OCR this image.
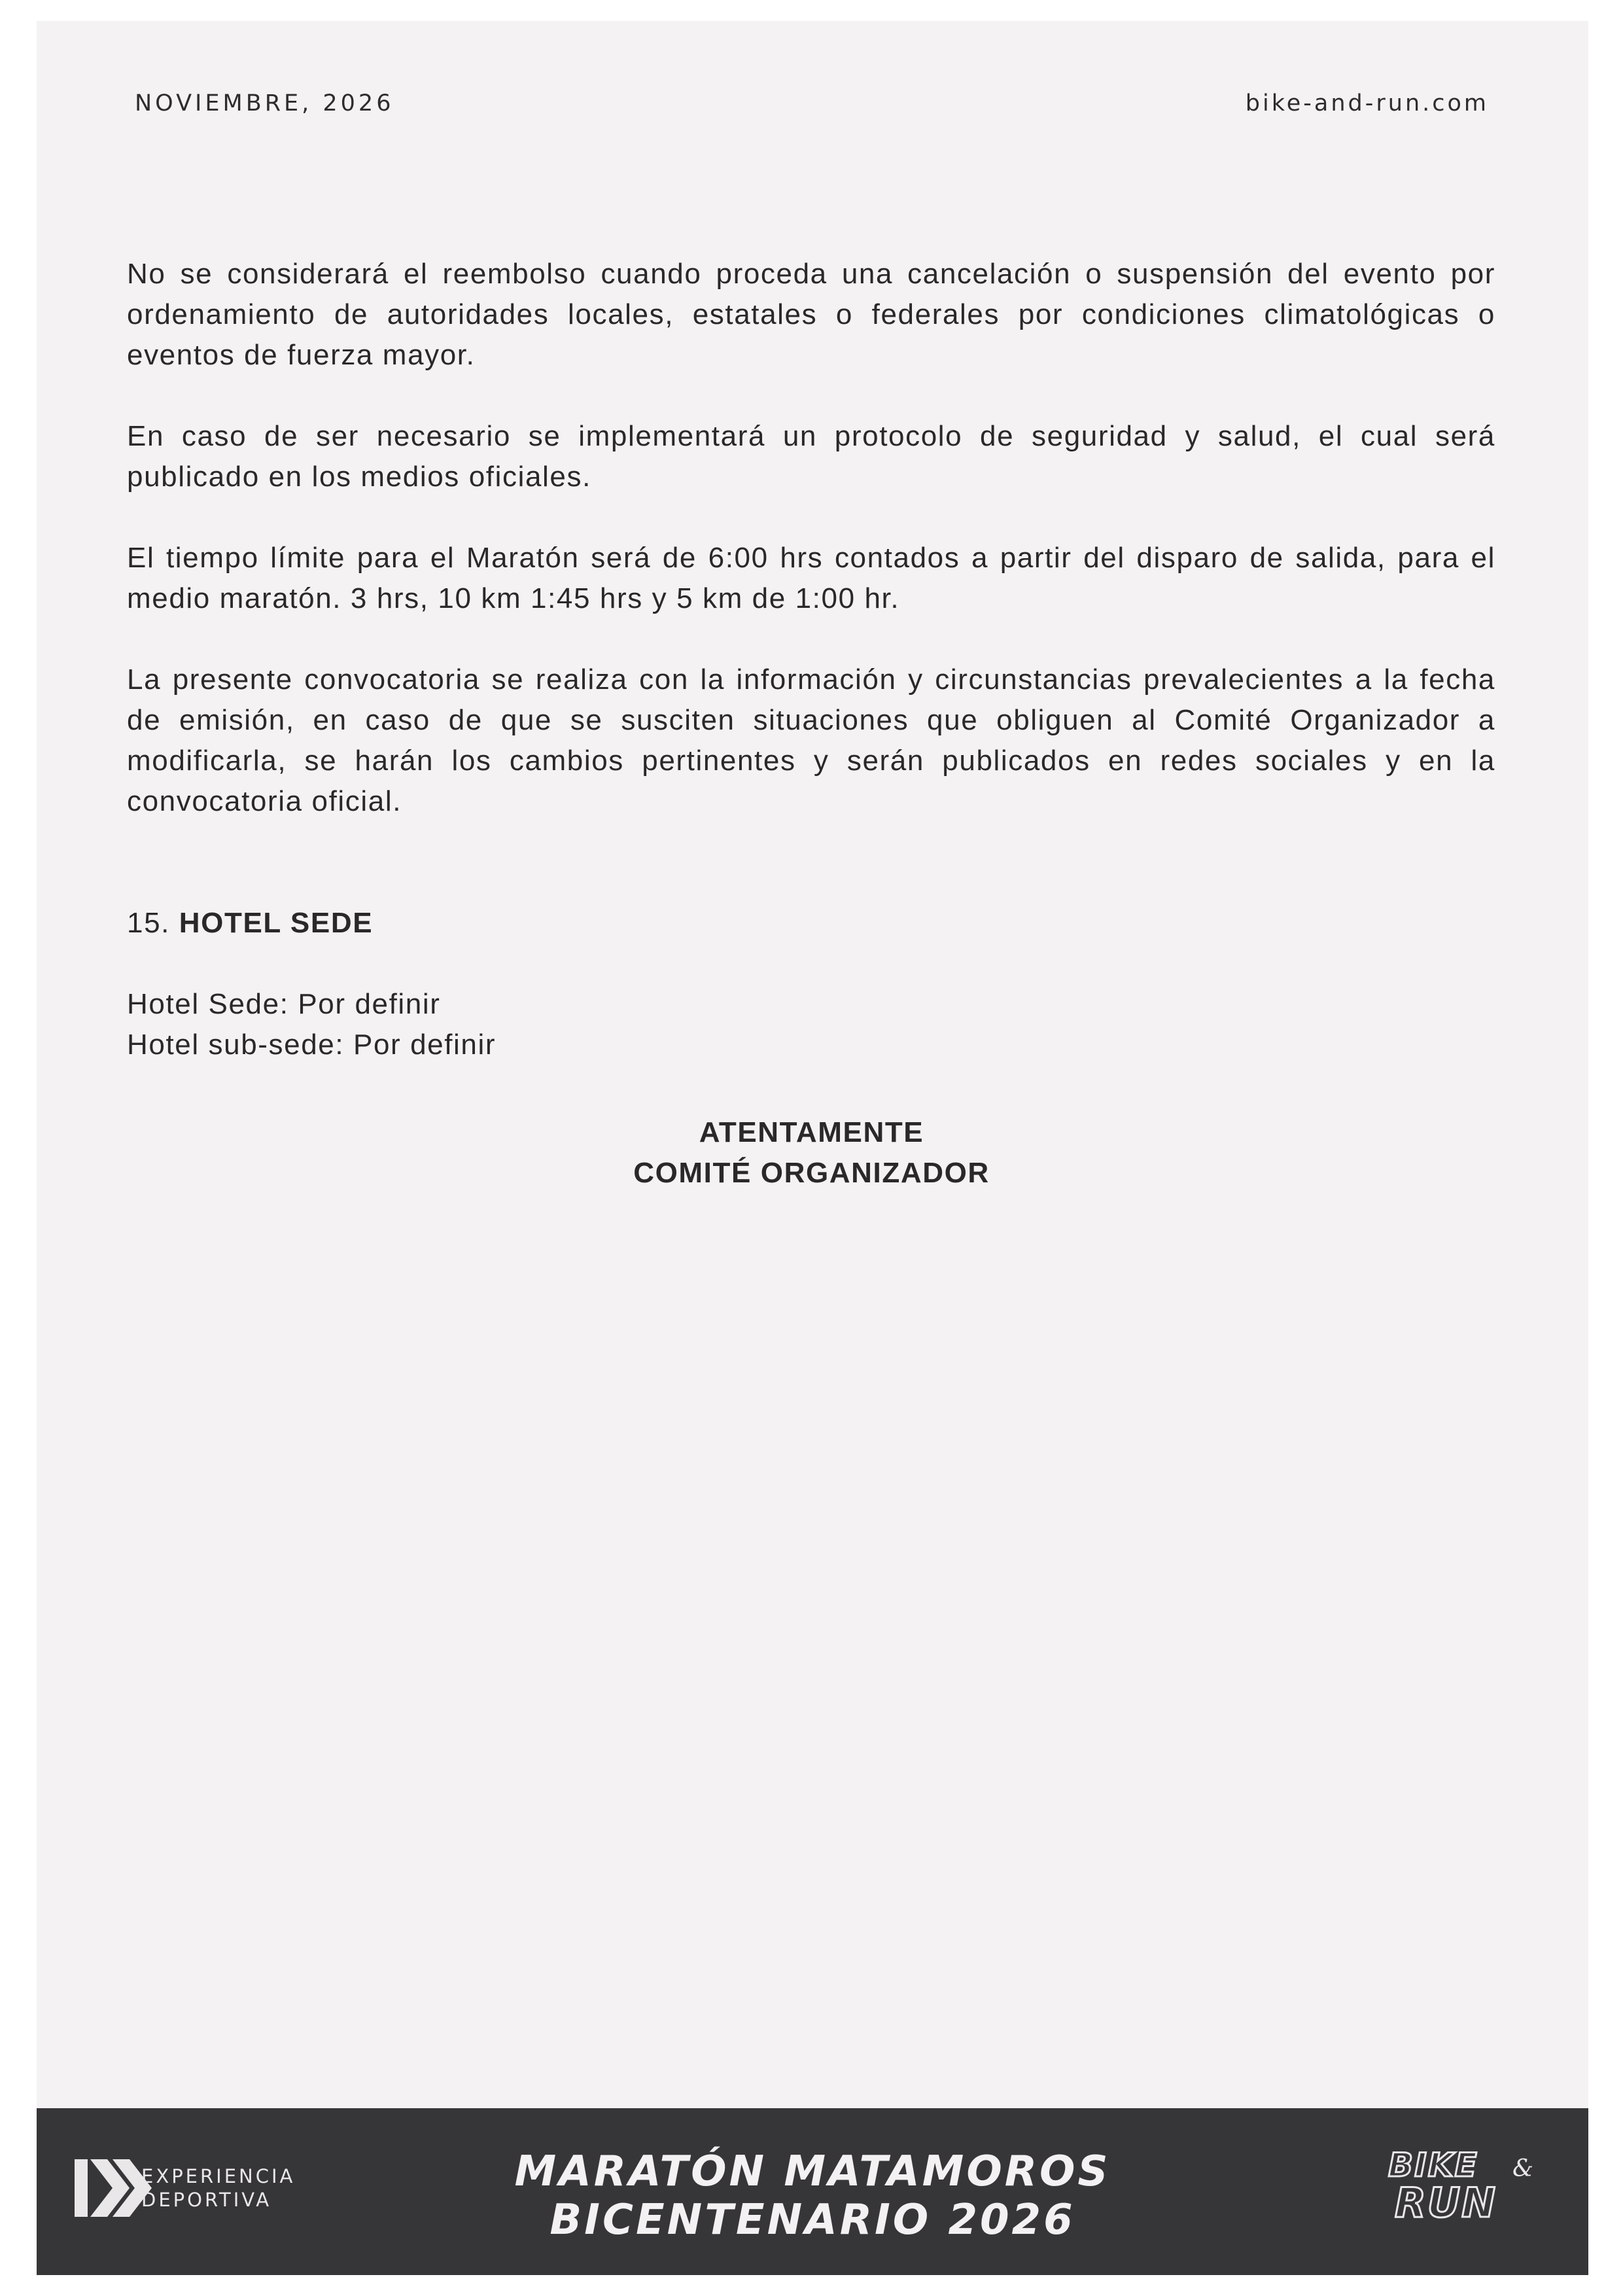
NOVIEMBRE, 2026	bike-and-run.com

No se considerará el reembolso cuando proceda una cancelación o suspensión del evento por ordenamiento de autoridades locales, estatales o federales por condiciones climatológicas o eventos de fuerza mayor.

En caso de ser necesario se implementará un protocolo de seguridad y salud, el cual será publicado en los medios oficiales.

El tiempo límite para el Maratón será de 6:00 hrs contados a partir del disparo de salida, para el medio maratón. 3 hrs, 10 km 1:45 hrs y 5 km de 1:00 hr.

La presente convocatoria se realiza con la información y circunstancias prevalecientes a la fecha de emisión, en caso de que se susciten situaciones que obliguen al Comité Organizador a modificarla, se harán los cambios pertinentes y serán publicados en redes sociales y en la convocatoria oficial.

15. HOTEL SEDE
Hotel Sede: Por definir
Hotel sub-sede: Por definir
ATENTAMENTE
COMITÉ ORGANIZADOR
EXPERIENCIA
DEPORTIVA
MARATÓN MATAMOROS
BICENTENARIO 2026
BIKE &
RUN
